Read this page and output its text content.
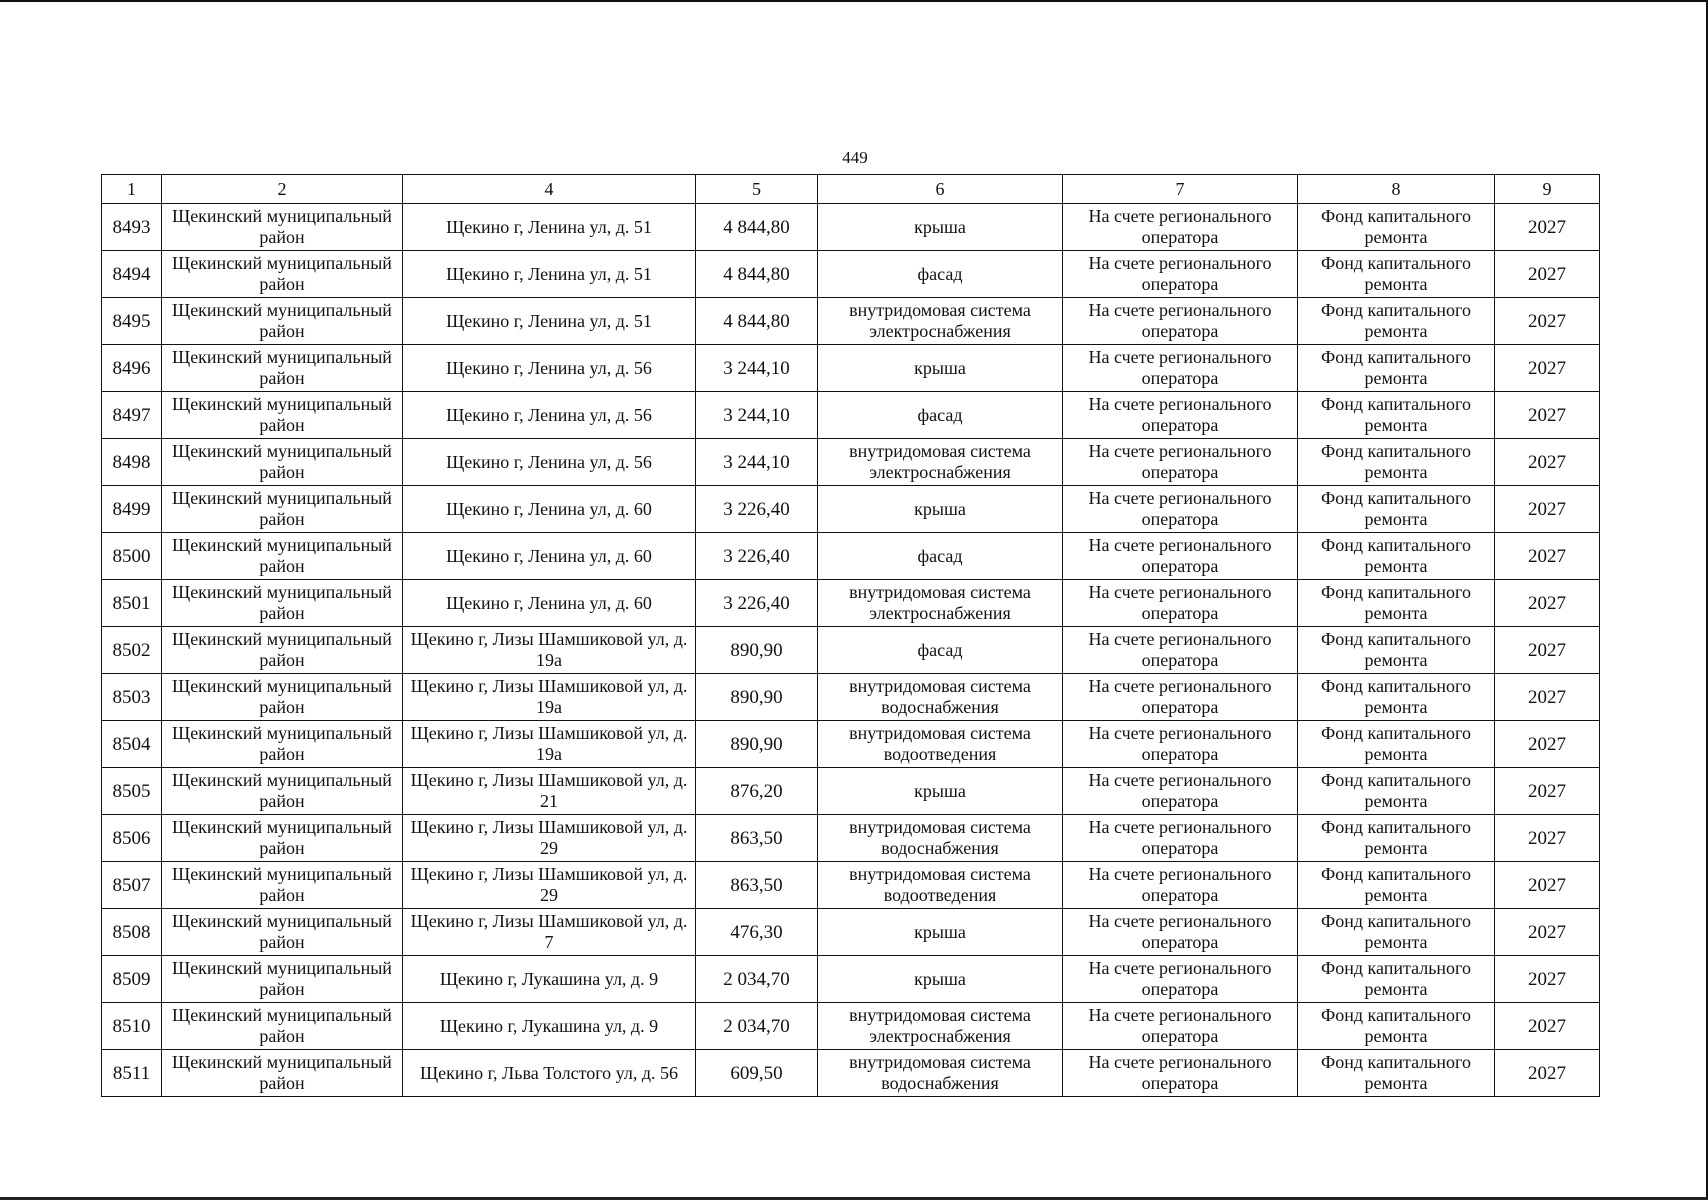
449
1	2	4	5	6	7	8	9
8493	Щекинский муниципальный район	Щекино г, Ленина ул, д. 51	4 844,80	крыша	На счете регионального оператора	Фонд капитального ремонта	2027
8494	Щекинский муниципальный район	Щекино г, Ленина ул, д. 51	4 844,80	фасад	На счете регионального оператора	Фонд капитального ремонта	2027
8495	Щекинский муниципальный район	Щекино г, Ленина ул, д. 51	4 844,80	внутридомовая система электроснабжения	На счете регионального оператора	Фонд капитального ремонта	2027
8496	Щекинский муниципальный район	Щекино г, Ленина ул, д. 56	3 244,10	крыша	На счете регионального оператора	Фонд капитального ремонта	2027
8497	Щекинский муниципальный район	Щекино г, Ленина ул, д. 56	3 244,10	фасад	На счете регионального оператора	Фонд капитального ремонта	2027
8498	Щекинский муниципальный район	Щекино г, Ленина ул, д. 56	3 244,10	внутридомовая система электроснабжения	На счете регионального оператора	Фонд капитального ремонта	2027
8499	Щекинский муниципальный район	Щекино г, Ленина ул, д. 60	3 226,40	крыша	На счете регионального оператора	Фонд капитального ремонта	2027
8500	Щекинский муниципальный район	Щекино г, Ленина ул, д. 60	3 226,40	фасад	На счете регионального оператора	Фонд капитального ремонта	2027
8501	Щекинский муниципальный район	Щекино г, Ленина ул, д. 60	3 226,40	внутридомовая система электроснабжения	На счете регионального оператора	Фонд капитального ремонта	2027
8502	Щекинский муниципальный район	Щекино г, Лизы Шамшиковой ул, д. 19а	890,90	фасад	На счете регионального оператора	Фонд капитального ремонта	2027
8503	Щекинский муниципальный район	Щекино г, Лизы Шамшиковой ул, д. 19а	890,90	внутридомовая система водоснабжения	На счете регионального оператора	Фонд капитального ремонта	2027
8504	Щекинский муниципальный район	Щекино г, Лизы Шамшиковой ул, д. 19а	890,90	внутридомовая система водоотведения	На счете регионального оператора	Фонд капитального ремонта	2027
8505	Щекинский муниципальный район	Щекино г, Лизы Шамшиковой ул, д. 21	876,20	крыша	На счете регионального оператора	Фонд капитального ремонта	2027
8506	Щекинский муниципальный район	Щекино г, Лизы Шамшиковой ул, д. 29	863,50	внутридомовая система водоснабжения	На счете регионального оператора	Фонд капитального ремонта	2027
8507	Щекинский муниципальный район	Щекино г, Лизы Шамшиковой ул, д. 29	863,50	внутридомовая система водоотведения	На счете регионального оператора	Фонд капитального ремонта	2027
8508	Щекинский муниципальный район	Щекино г, Лизы Шамшиковой ул, д. 7	476,30	крыша	На счете регионального оператора	Фонд капитального ремонта	2027
8509	Щекинский муниципальный район	Щекино г, Лукашина ул, д. 9	2 034,70	крыша	На счете регионального оператора	Фонд капитального ремонта	2027
8510	Щекинский муниципальный район	Щекино г, Лукашина ул, д. 9	2 034,70	внутридомовая система электроснабжения	На счете регионального оператора	Фонд капитального ремонта	2027
8511	Щекинский муниципальный район	Щекино г, Льва Толстого ул, д. 56	609,50	внутридомовая система водоснабжения	На счете регионального оператора	Фонд капитального ремонта	2027
